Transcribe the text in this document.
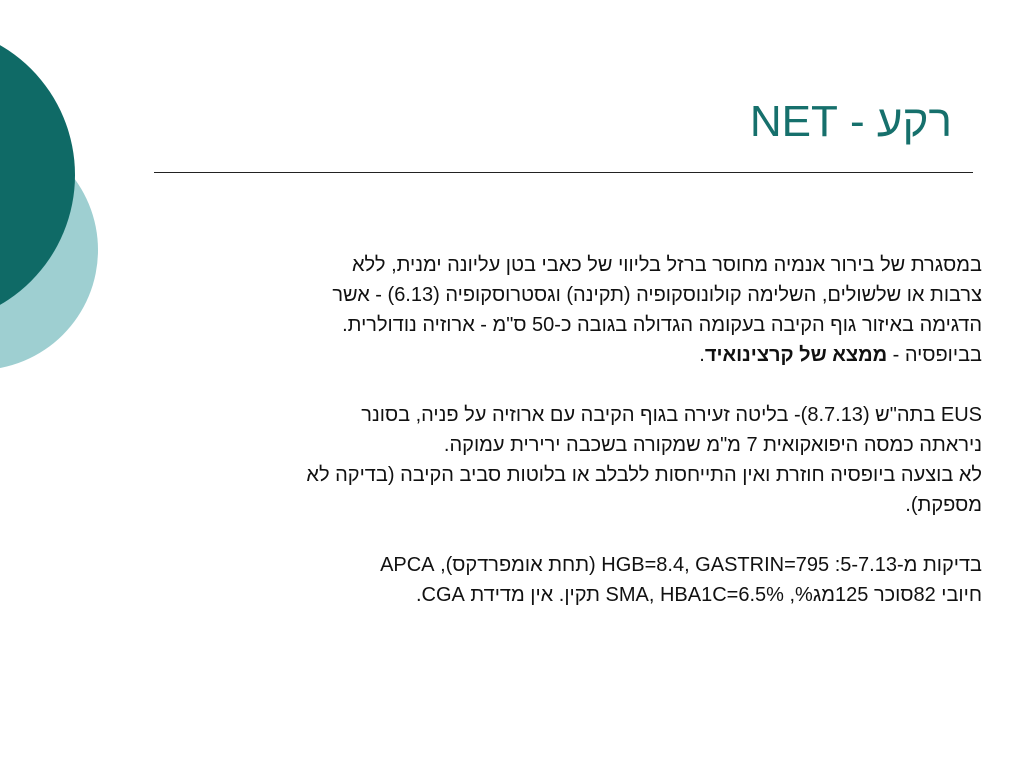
רקע - NET

במסגרת של בירור אנמיה מחוסר ברזל בליווי של כאבי בטן עליונה ימנית, ללא
צרבות או שלשולים, השלימה קולונוסקופיה (תקינה) וגסטרוסקופיה (6.13) - אשר
הדגימה באיזור גוף הקיבה בעקומה הגדולה בגובה כ-50 ס"מ - ארוזיה נודולרית.
בביופסיה - ממצא של קרצינואיד.

EUS בתה"ש (8.7.13)- בליטה זעירה בגוף הקיבה עם ארוזיה על פניה, בסונר
ניראתה כמסה היפואקואית 7 מ"מ שמקורה בשכבה ירירית עמוקה.
לא בוצעה ביופסיה חוזרת ואין התייחסות ללבלב או בלוטות סביב הקיבה (בדיקה לא
מספקת).

בדיקות מ-5-7.13: HGB=8.4, GASTRIN=795 (תחת אומפרדקס), APCA
חיובי 82סוכר 125מג%, SMA, HBA1C=6.5% תקין. אין מדידת CGA.
